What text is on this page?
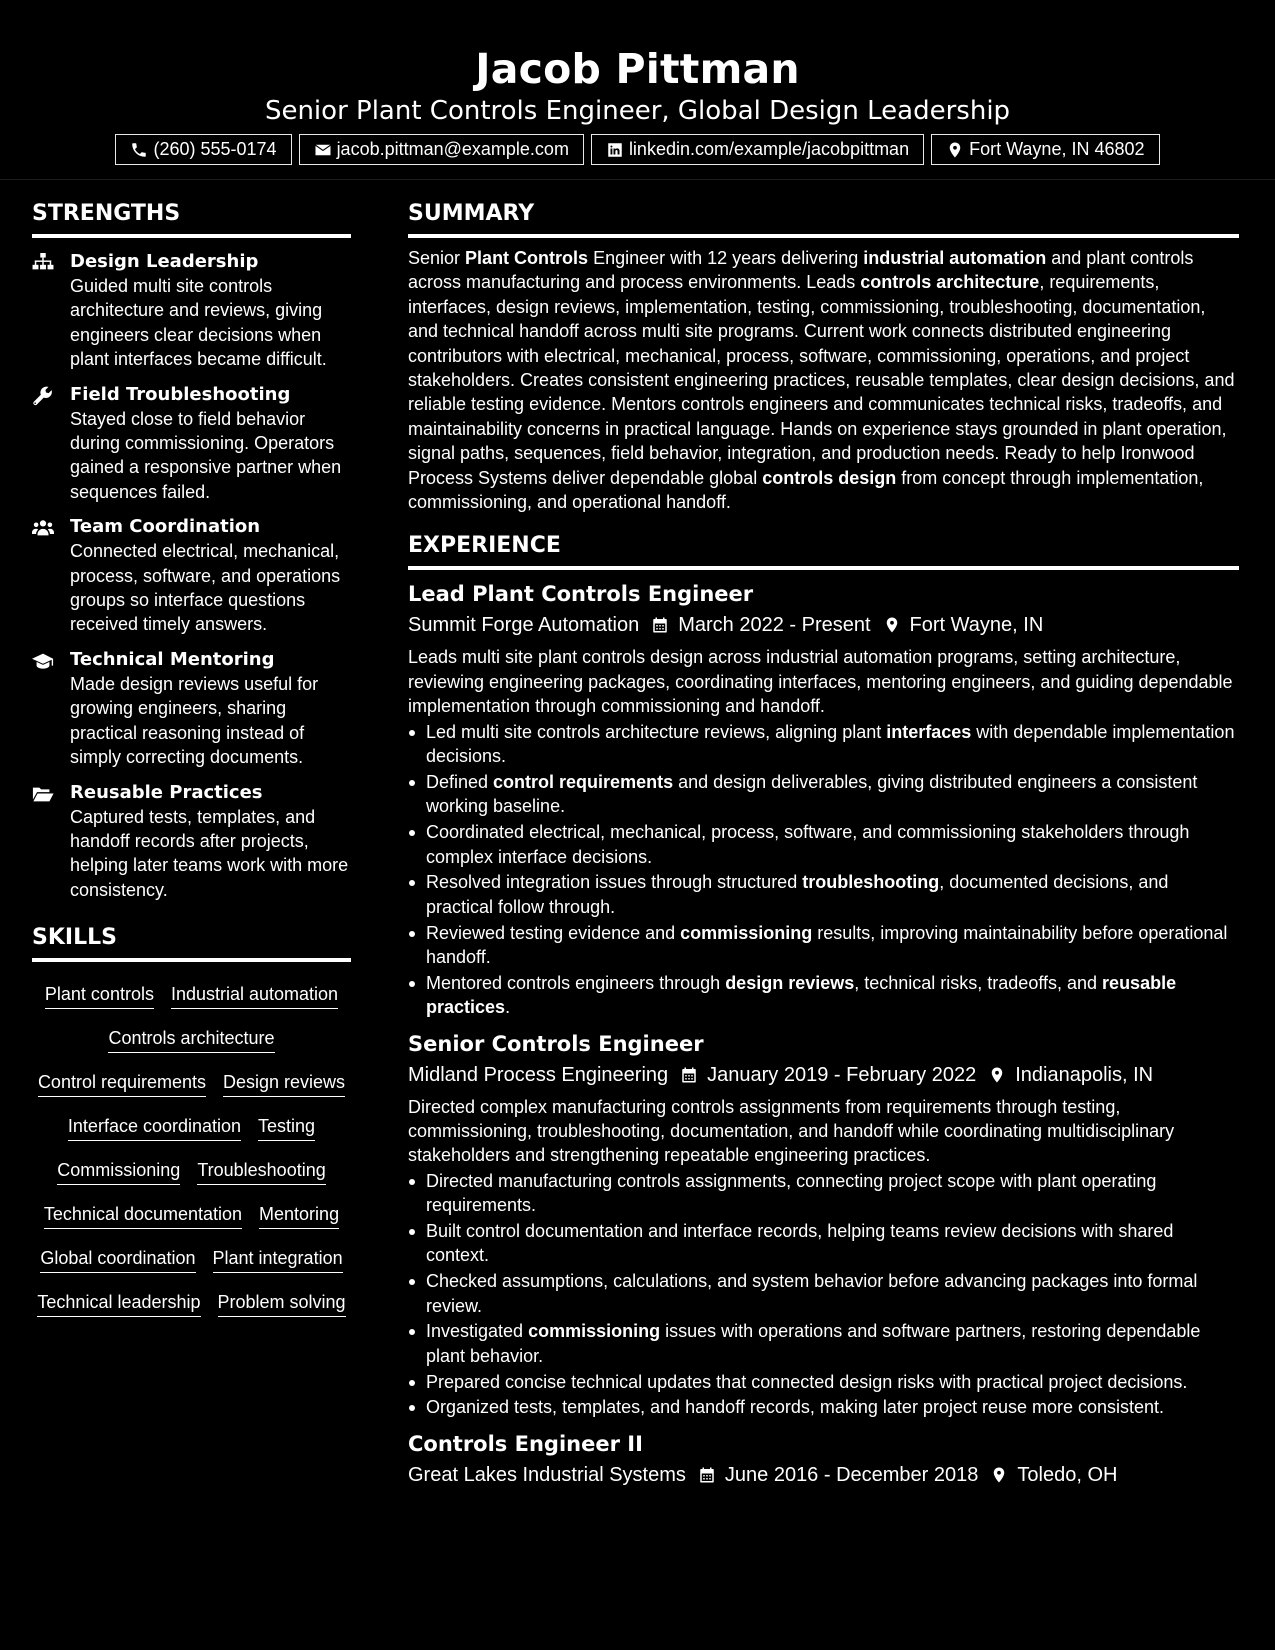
Jacob Pittman
Senior Plant Controls Engineer, Global Design Leadership
(260) 555-0174	jacob.pittman@example.com	linkedin.com/example/jacobpittman	Fort Wayne, IN 46802
STRENGTHS
Design Leadership
Guided multi site controls architecture and reviews, giving engineers clear decisions when plant interfaces became difficult.
Field Troubleshooting
Stayed close to field behavior during commissioning. Operators gained a responsive partner when sequences failed.
Team Coordination
Connected electrical, mechanical, process, software, and operations groups so interface questions received timely answers.
Technical Mentoring
Made design reviews useful for growing engineers, sharing practical reasoning instead of simply correcting documents.
Reusable Practices
Captured tests, templates, and handoff records after projects, helping later teams work with more consistency.
SKILLS
Plant controls Industrial automation
Controls architecture
Control requirements Design reviews
Interface coordination Testing
Commissioning Troubleshooting
Technical documentation Mentoring
Global coordination Plant integration
Technical leadership Problem solving
SUMMARY

Senior Plant Controls Engineer with 12 years delivering industrial automation and plant controls across manufacturing and process environments. Leads controls architecture, requirements, interfaces, design reviews, implementation, testing, commissioning, troubleshooting, documentation, and technical handoff across multi site programs. Current work connects distributed engineering contributors with electrical, mechanical, process, software, commissioning, operations, and project stakeholders. Creates consistent engineering practices, reusable templates, clear design decisions, and reliable testing evidence. Mentors controls engineers and communicates technical risks, tradeoffs, and maintainability concerns in practical language. Hands on experience stays grounded in plant operation, signal paths, sequences, field behavior, integration, and production needs. Ready to help Ironwood Process Systems deliver dependable global controls design from concept through implementation, commissioning, and operational handoff.

EXPERIENCE
Lead Plant Controls Engineer
Summit Forge Automation March 2022 - Present Fort Wayne, IN

Leads multi site plant controls design across industrial automation programs, setting architecture, reviewing engineering packages, coordinating interfaces, mentoring engineers, and guiding dependable implementation through commissioning and handoff.

Led multi site controls architecture reviews, aligning plant interfaces with dependable implementation decisions.
Defined control requirements and design deliverables, giving distributed engineers a consistent working baseline.
Coordinated electrical, mechanical, process, software, and commissioning stakeholders through complex interface decisions.
Resolved integration issues through structured troubleshooting, documented decisions, and practical follow through.
Reviewed testing evidence and commissioning results, improving maintainability before operational handoff.
Mentored controls engineers through design reviews, technical risks, tradeoffs, and reusable practices.
Senior Controls Engineer
Midland Process Engineering January 2019 - February 2022 Indianapolis, IN

Directed complex manufacturing controls assignments from requirements through testing, commissioning, troubleshooting, documentation, and handoff while coordinating multidisciplinary stakeholders and strengthening repeatable engineering practices.

Directed manufacturing controls assignments, connecting project scope with plant operating requirements.
Built control documentation and interface records, helping teams review decisions with shared context.
Checked assumptions, calculations, and system behavior before advancing packages into formal review.
Investigated commissioning issues with operations and software partners, restoring dependable plant behavior.
Prepared concise technical updates that connected design risks with practical project decisions.
Organized tests, templates, and handoff records, making later project reuse more consistent.
Controls Engineer II
Great Lakes Industrial Systems June 2016 - December 2018 Toledo, OH
